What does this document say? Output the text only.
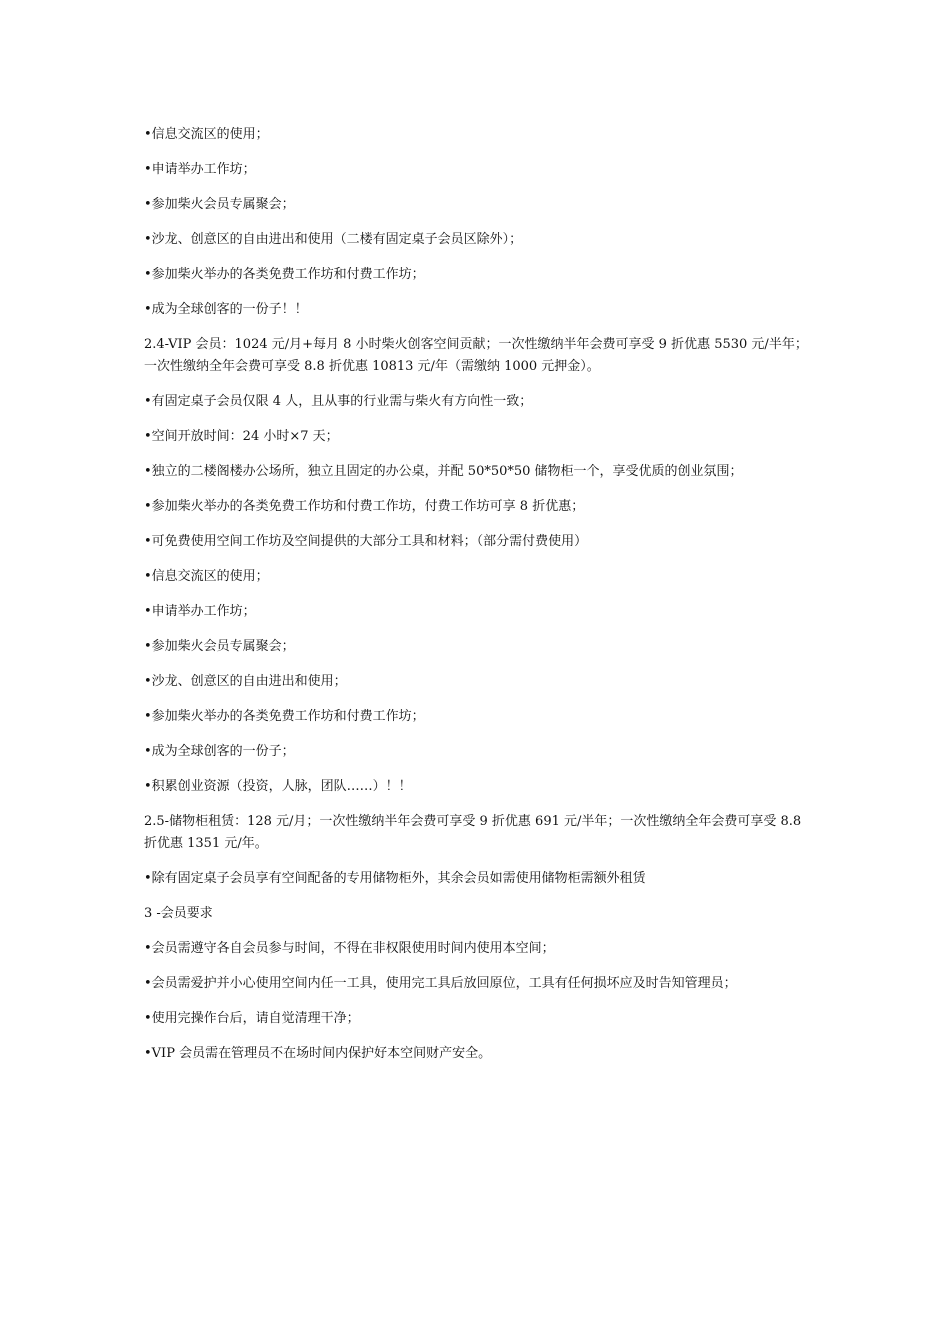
•信息交流区的使用；

•申请举办工作坊；

•参加柴火会员专属聚会；

•沙龙、创意区的自由进出和使用（二楼有固定桌子会员区除外）；

•参加柴火举办的各类免费工作坊和付费工作坊；

•成为全球创客的一份子！！

2.4-VIP 会员：1024 元/月+每月 8 小时柴火创客空间贡献；一次性缴纳半年会费可享受 9 折优惠 5530 元/半年；一次性缴纳全年会费可享受 8.8 折优惠 10813 元/年（需缴纳 1000 元押金）。

•有固定桌子会员仅限 4 人，且从事的行业需与柴火有方向性一致；

•空间开放时间：24 小时×7 天；

•独立的二楼阁楼办公场所，独立且固定的办公桌，并配 50*50*50 储物柜一个，享受优质的创业氛围；

•参加柴火举办的各类免费工作坊和付费工作坊，付费工作坊可享 8 折优惠；

•可免费使用空间工作坊及空间提供的大部分工具和材料；（部分需付费使用）

•信息交流区的使用；

•申请举办工作坊；

•参加柴火会员专属聚会；

•沙龙、创意区的自由进出和使用；

•参加柴火举办的各类免费工作坊和付费工作坊；

•成为全球创客的一份子；

•积累创业资源（投资，人脉，团队……）！！

2.5-储物柜租赁：128 元/月；一次性缴纳半年会费可享受 9 折优惠 691 元/半年；一次性缴纳全年会费可享受 8.8 折优惠 1351 元/年。

•除有固定桌子会员享有空间配备的专用储物柜外，其余会员如需使用储物柜需额外租赁

3 -会员要求

•会员需遵守各自会员参与时间，不得在非权限使用时间内使用本空间；

•会员需爱护并小心使用空间内任一工具，使用完工具后放回原位，工具有任何损坏应及时告知管理员；

•使用完操作台后，请自觉清理干净；

•VIP 会员需在管理员不在场时间内保护好本空间财产安全。
